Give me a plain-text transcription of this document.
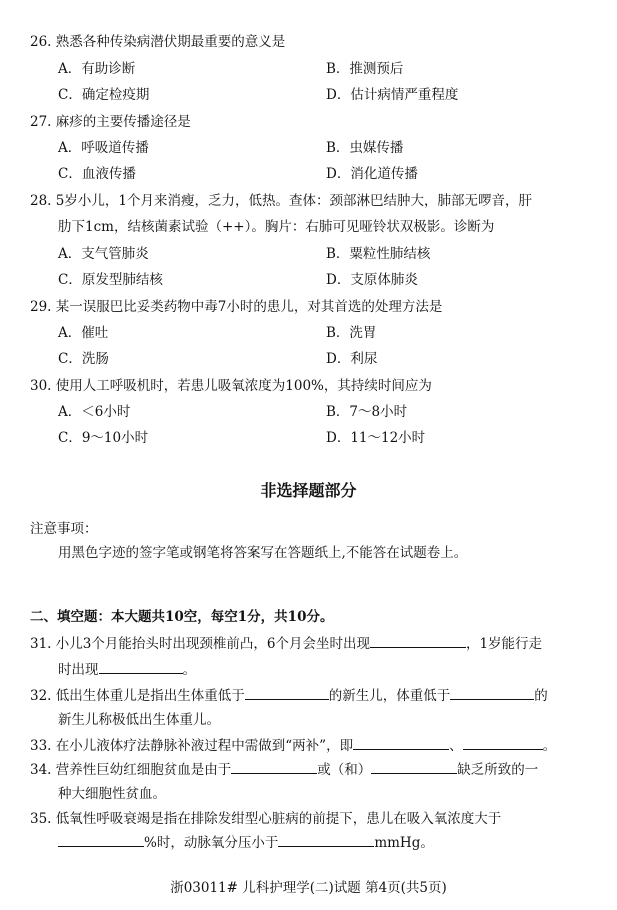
26. 熟悉各种传染病潜伏期最重要的意义是
A．有助诊断	B．推测预后
C．确定检疫期	D．估计病情严重程度
27. 麻疹的主要传播途径是
A．呼吸道传播	B．虫媒传播
C．血液传播	D．消化道传播
28. 5岁小儿，1个月来消瘦，乏力，低热。查体：颈部淋巴结肿大，肺部无啰音，肝
肋下1cm，结核菌素试验（++）。胸片：右肺可见哑铃状双极影。诊断为
A．支气管肺炎	B．粟粒性肺结核
C．原发型肺结核	D．支原体肺炎
29. 某一误服巴比妥类药物中毒7小时的患儿，对其首选的处理方法是
A．催吐	B．洗胃
C．洗肠	D．利尿
30. 使用人工呼吸机时，若患儿吸氧浓度为100%，其持续时间应为
A．＜6小时	B．7～8小时
C．9～10小时	D．11～12小时
非选择题部分
注意事项：
用黑色字迹的签字笔或钢笔将答案写在答题纸上,不能答在试题卷上。
二、填空题：本大题共10空，每空1分，共10分。
31. 小儿3个月能抬头时出现颈椎前凸，6个月会坐时出现	，1岁能行走
时出现	。
32. 低出生体重儿是指出生体重低于	的新生儿，体重低于	的
新生儿称极低出生体重儿。
33. 在小儿液体疗法静脉补液过程中需做到“两补”，即	、	。
34. 营养性巨幼红细胞贫血是由于	或（和）	缺乏所致的一
种大细胞性贫血。
35. 低氧性呼吸衰竭是指在排除发绀型心脏病的前提下，患儿在吸入氧浓度大于
%时，动脉氧分压小于	mmHg。
浙03011# 儿科护理学(二)试题 第4页(共5页)
